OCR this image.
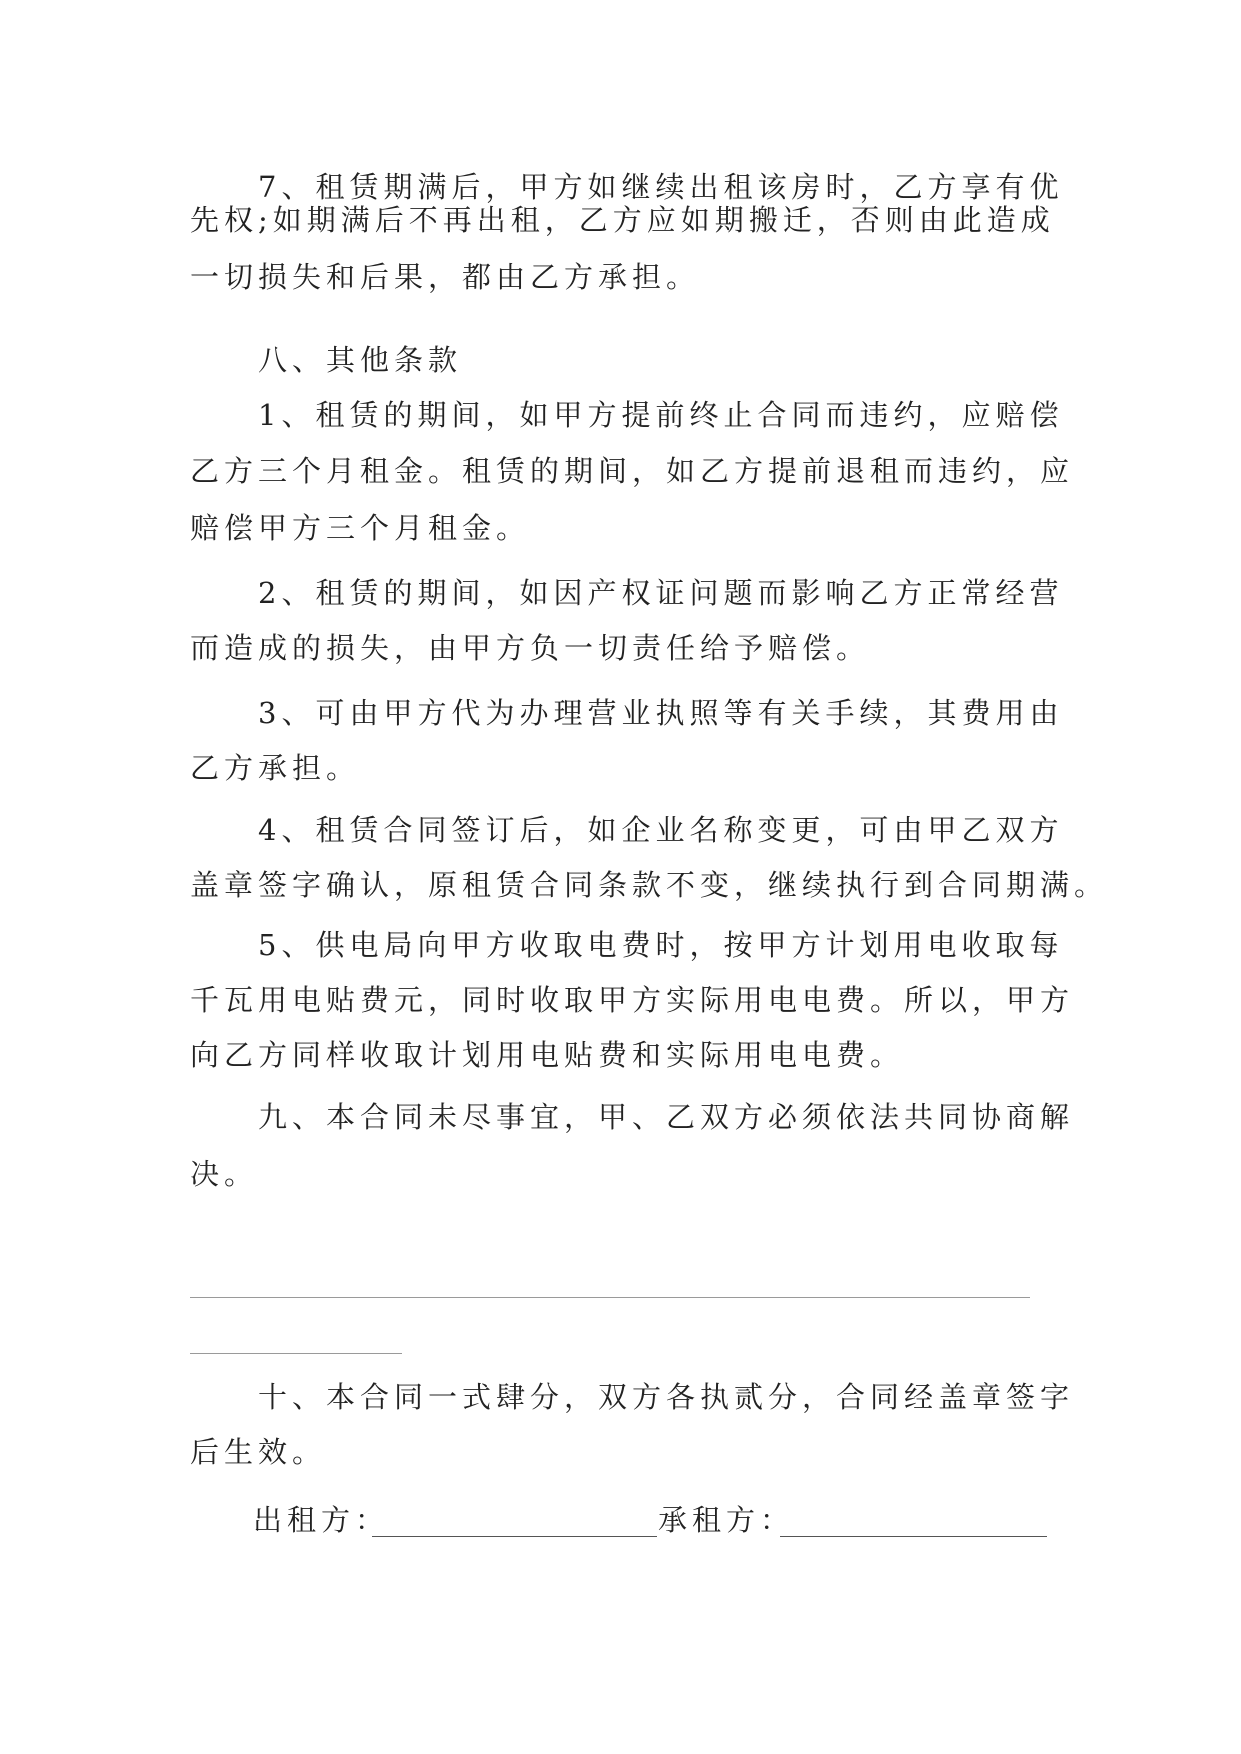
　　7、租赁期满后，甲方如继续出租该房时，乙方享有优
先权;如期满后不再出租，乙方应如期搬迁，否则由此造成
一切损失和后果，都由乙方承担。
　　八、其他条款
　　1、租赁的期间，如甲方提前终止合同而违约，应赔偿
乙方三个月租金。租赁的期间，如乙方提前退租而违约，应
赔偿甲方三个月租金。
　　2、租赁的期间，如因产权证问题而影响乙方正常经营
而造成的损失，由甲方负一切责任给予赔偿。
　　3、可由甲方代为办理营业执照等有关手续，其费用由
乙方承担。
　　4、租赁合同签订后，如企业名称变更，可由甲乙双方
盖章签字确认，原租赁合同条款不变，继续执行到合同期满。
　　5、供电局向甲方收取电费时，按甲方计划用电收取每
千瓦用电贴费元，同时收取甲方实际用电电费。所以，甲方
向乙方同样收取计划用电贴费和实际用电电费。
　　九、本合同未尽事宜，甲、乙双方必须依法共同协商解
决。
　　十、本合同一式肆分，双方各执贰分，合同经盖章签字
后生效。
出租方：	承租方：
